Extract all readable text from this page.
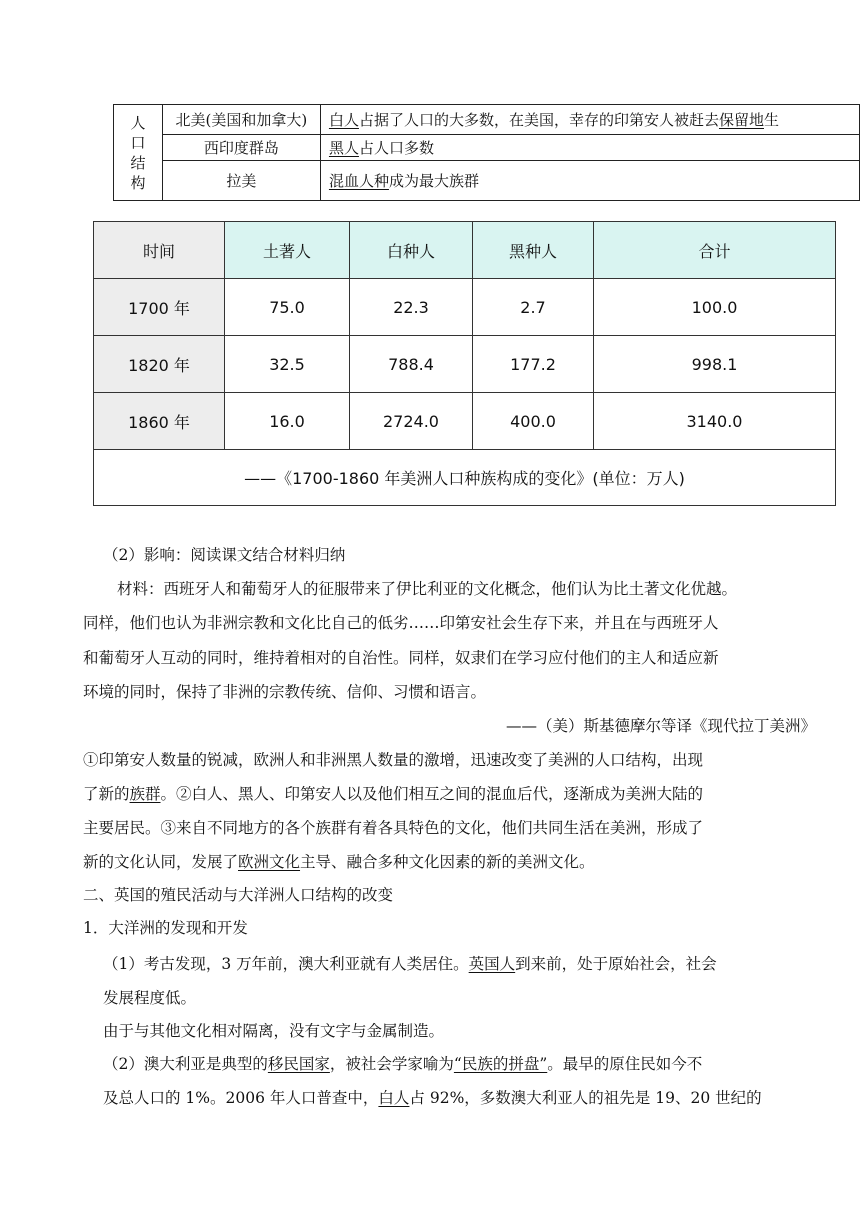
人
口
结
构	北美(美国和加拿大)	白人占据了人口的大多数，在美国，幸存的印第安人被赶去保留地生
	西印度群岛	黑人占人口多数
	拉美	混血人种成为最大族群
时间	土著人	白种人	黑种人	合计
1700 年	75.0	22.3	2.7	100.0
1820 年	32.5	788.4	177.2	998.1
1860 年	16.0	2724.0	400.0	3140.0
——《1700-1860 年美洲人口种族构成的变化》(单位：万人)				
（2）影响：阅读课文结合材料归纳
材料：西班牙人和葡萄牙人的征服带来了伊比利亚的文化概念，他们认为比土著文化优越。
同样，他们也认为非洲宗教和文化比自己的低劣……印第安社会生存下来，并且在与西班牙人
和葡萄牙人互动的同时，维持着相对的自治性。同样，奴隶们在学习应付他们的主人和适应新
环境的同时，保持了非洲的宗教传统、信仰、习惯和语言。
——（美）斯基德摩尔等译《现代拉丁美洲》
①印第安人数量的锐减，欧洲人和非洲黑人数量的激增，迅速改变了美洲的人口结构，出现
了新的族群。②白人、黑人、印第安人以及他们相互之间的混血后代，逐渐成为美洲大陆的
主要居民。③来自不同地方的各个族群有着各具特色的文化，他们共同生活在美洲，形成了
新的文化认同，发展了欧洲文化主导、融合多种文化因素的新的美洲文化。
二、英国的殖民活动与大洋洲人口结构的改变
1．大洋洲的发现和开发
（1）考古发现，3 万年前，澳大利亚就有人类居住。英国人到来前，处于原始社会，社会
发展程度低。
由于与其他文化相对隔离，没有文字与金属制造。
（2）澳大利亚是典型的移民国家，被社会学家喻为“民族的拼盘”。最早的原住民如今不
及总人口的 1%。2006 年人口普查中，白人占 92%，多数澳大利亚人的祖先是 19、20 世纪的
